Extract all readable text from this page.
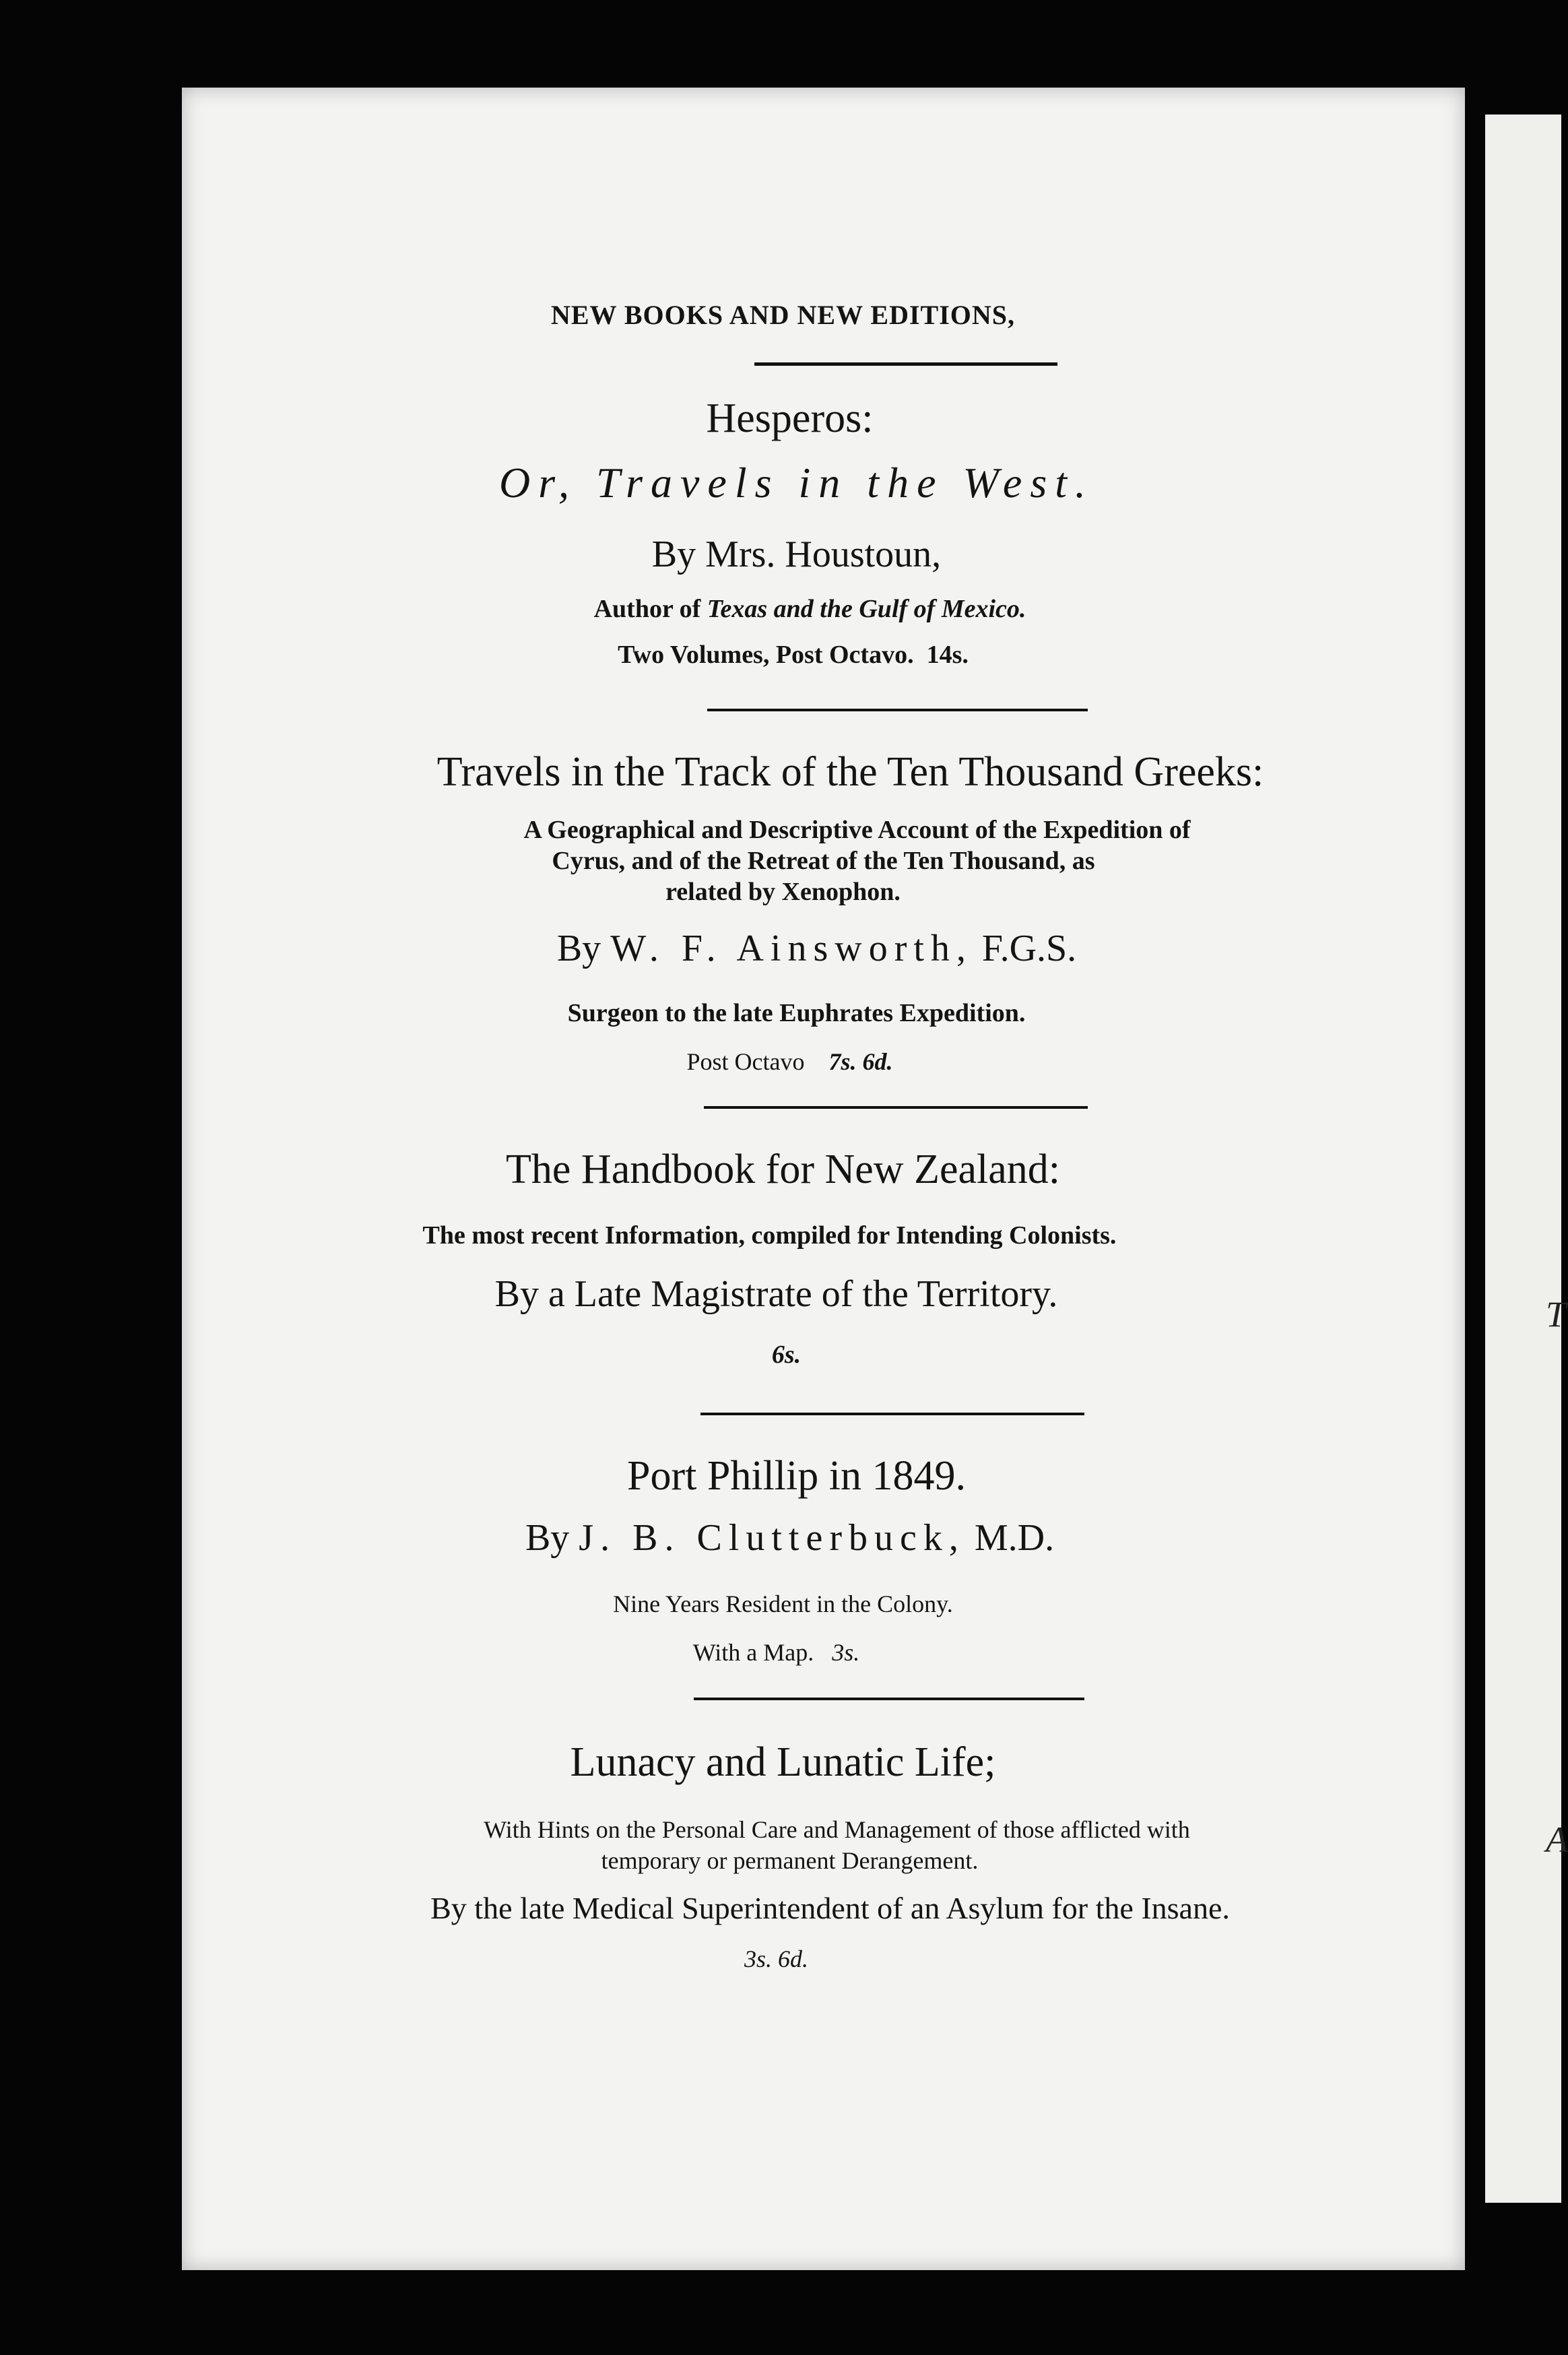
T
A
NEW BOOKS AND NEW EDITIONS,
Hesperos:
Or, Travels in the West.
By Mrs. Houstoun,
Author of Texas and the Gulf of Mexico.
Two Volumes, Post Octavo. 14s.
Travels in the Track of the Ten Thousand Greeks:
A Geographical and Descriptive Account of the Expedition of
Cyrus, and of the Retreat of the Ten Thousand, as
related by Xenophon.
By W. F. Ainsworth, F.G.S.
Surgeon to the late Euphrates Expedition.
Post Octavo 7s. 6d.
The Handbook for New Zealand:
The most recent Information, compiled for Intending Colonists.
By a Late Magistrate of the Territory.
6s.
Port Phillip in 1849.
By J. B. Clutterbuck, M.D.
Nine Years Resident in the Colony.
With a Map. 3s.
Lunacy and Lunatic Life;
With Hints on the Personal Care and Management of those afflicted with
temporary or permanent Derangement.
By the late Medical Superintendent of an Asylum for the Insane.
3s. 6d.
